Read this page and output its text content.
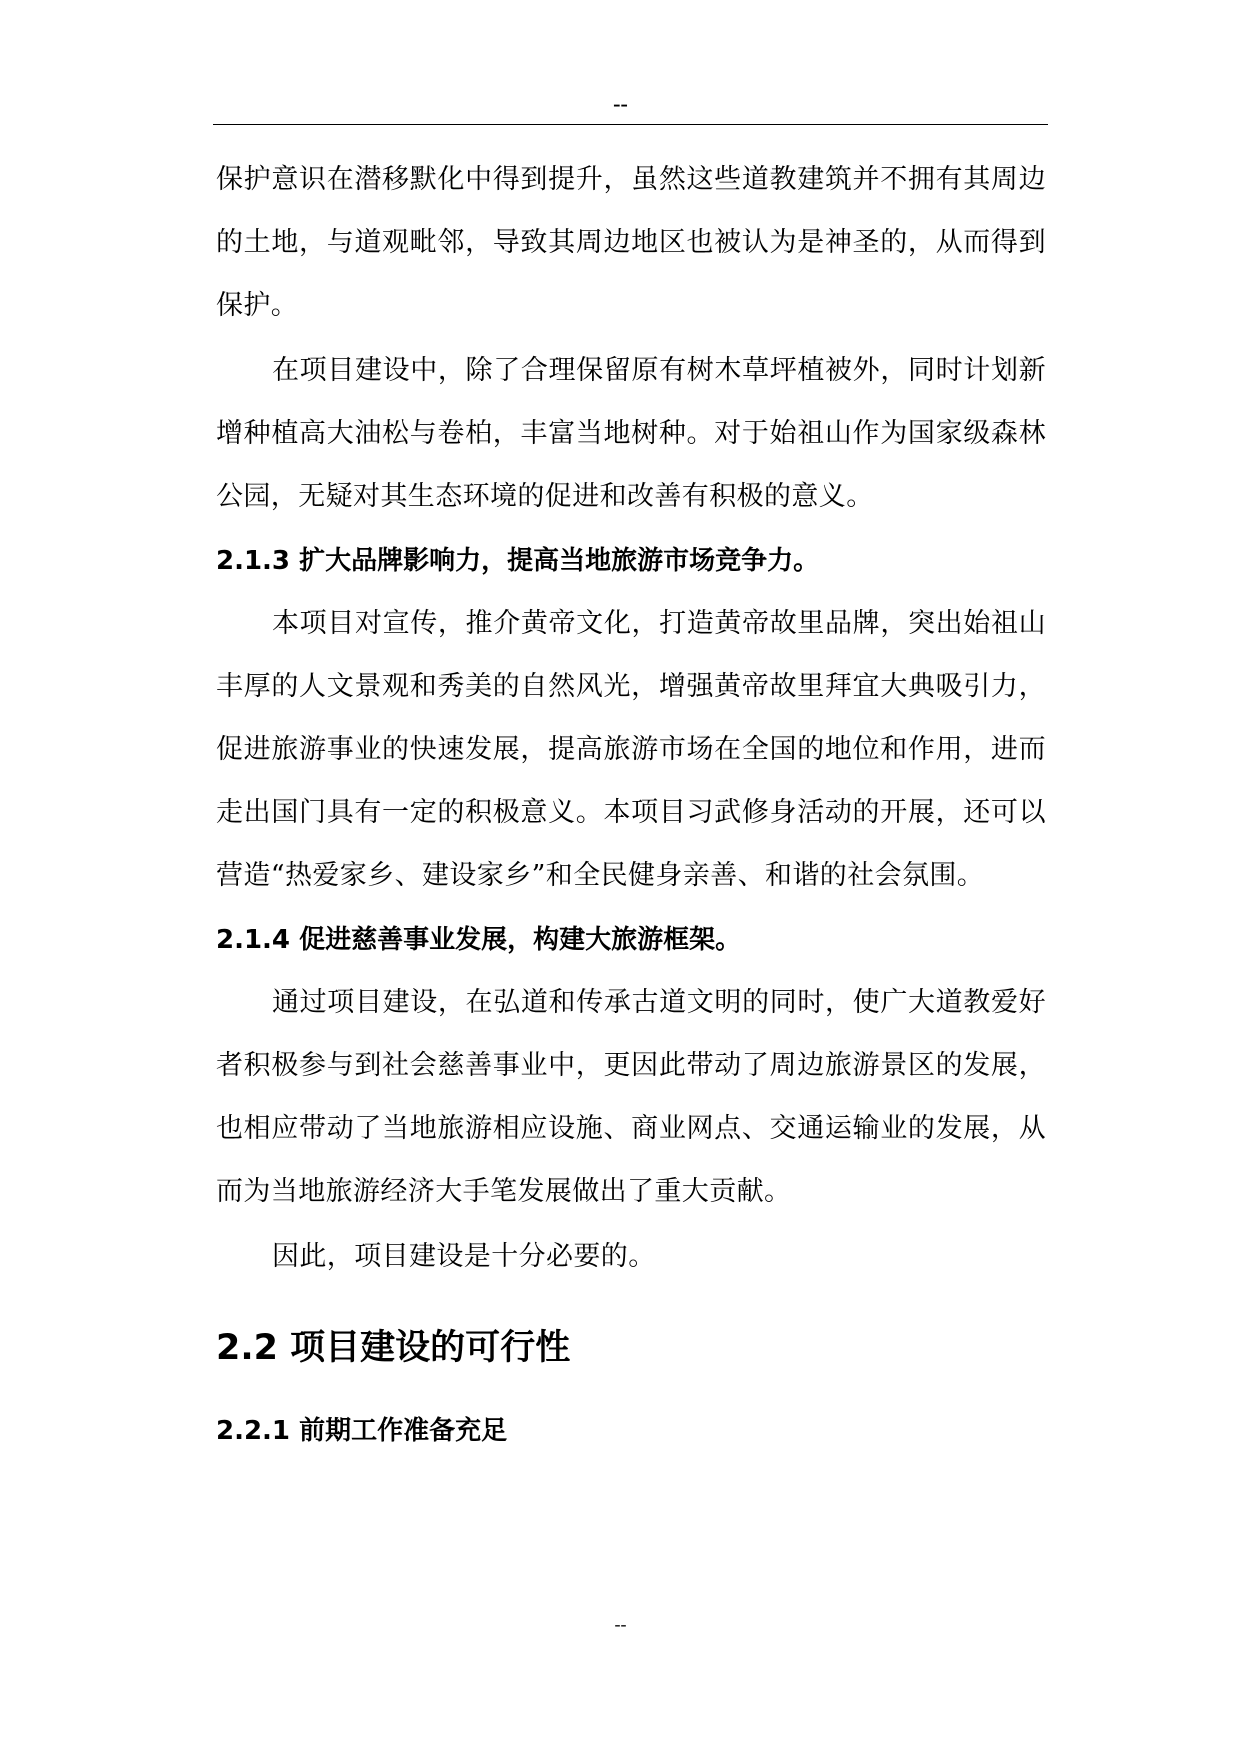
--

保护意识在潜移默化中得到提升，虽然这些道教建筑并不拥有其周边的土地，与道观毗邻，导致其周边地区也被认为是神圣的，从而得到保护。

在项目建设中，除了合理保留原有树木草坪植被外，同时计划新增种植高大油松与卷柏，丰富当地树种。对于始祖山作为国家级森林公园，无疑对其生态环境的促进和改善有积极的意义。

2.1.3 扩大品牌影响力，提高当地旅游市场竞争力。

本项目对宣传，推介黄帝文化，打造黄帝故里品牌，突出始祖山丰厚的人文景观和秀美的自然风光，增强黄帝故里拜宜大典吸引力，促进旅游事业的快速发展，提高旅游市场在全国的地位和作用，进而走出国门具有一定的积极意义。本项目习武修身活动的开展，还可以营造“热爱家乡、建设家乡”和全民健身亲善、和谐的社会氛围。

2.1.4 促进慈善事业发展，构建大旅游框架。

通过项目建设，在弘道和传承古道文明的同时，使广大道教爱好者积极参与到社会慈善事业中，更因此带动了周边旅游景区的发展，也相应带动了当地旅游相应设施、商业网点、交通运输业的发展，从而为当地旅游经济大手笔发展做出了重大贡献。

因此，项目建设是十分必要的。

2.2 项目建设的可行性
2.2.1 前期工作准备充足
--
